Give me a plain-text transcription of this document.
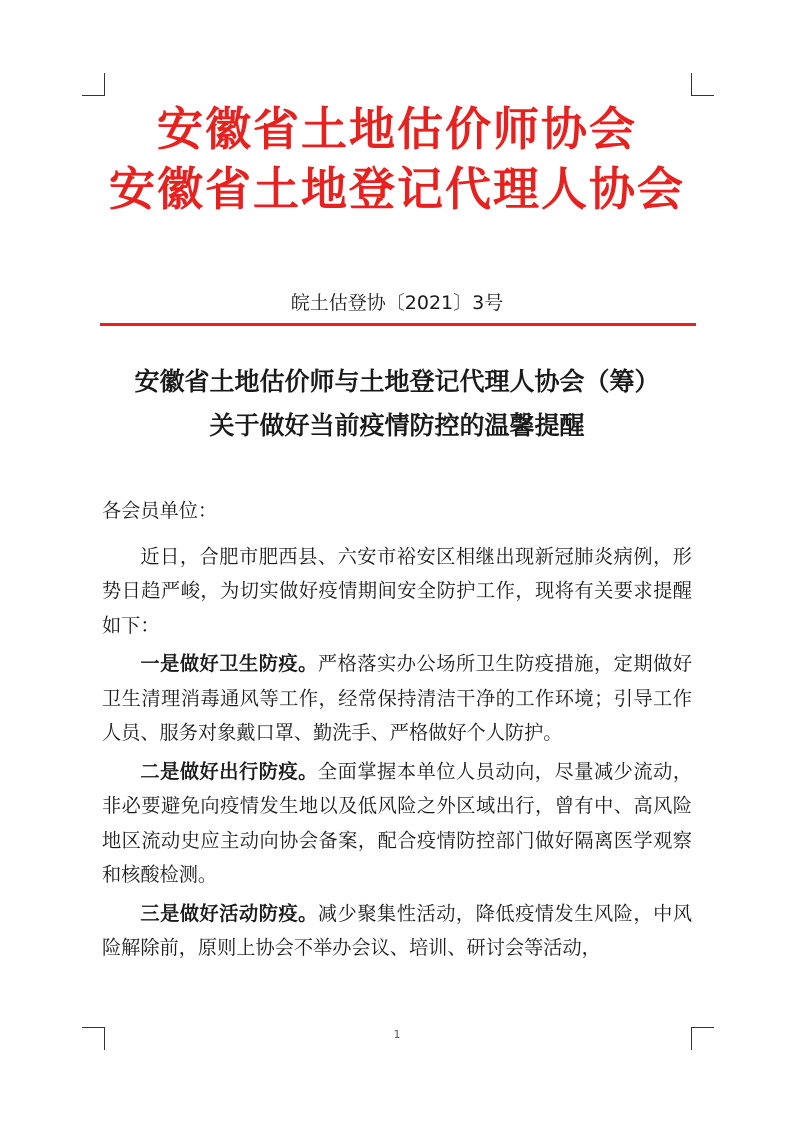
安徽省土地估价师协会
安徽省土地登记代理人协会
皖土估登协〔2021〕3号
安徽省土地估价师与土地登记代理人协会（筹）
关于做好当前疫情防控的温馨提醒

各会员单位：

近日，合肥市肥西县、六安市裕安区相继出现新冠肺炎病例，形势日趋严峻，为切实做好疫情期间安全防护工作，现将有关要求提醒如下：

一是做好卫生防疫。严格落实办公场所卫生防疫措施，定期做好卫生清理消毒通风等工作，经常保持清洁干净的工作环境；引导工作人员、服务对象戴口罩、勤洗手、严格做好个人防护。

二是做好出行防疫。全面掌握本单位人员动向，尽量减少流动，非必要避免向疫情发生地以及低风险之外区域出行，曾有中、高风险地区流动史应主动向协会备案，配合疫情防控部门做好隔离医学观察和核酸检测。

三是做好活动防疫。减少聚集性活动，降低疫情发生风险，中风险解除前，原则上协会不举办会议、培训、研讨会等活动，

1
